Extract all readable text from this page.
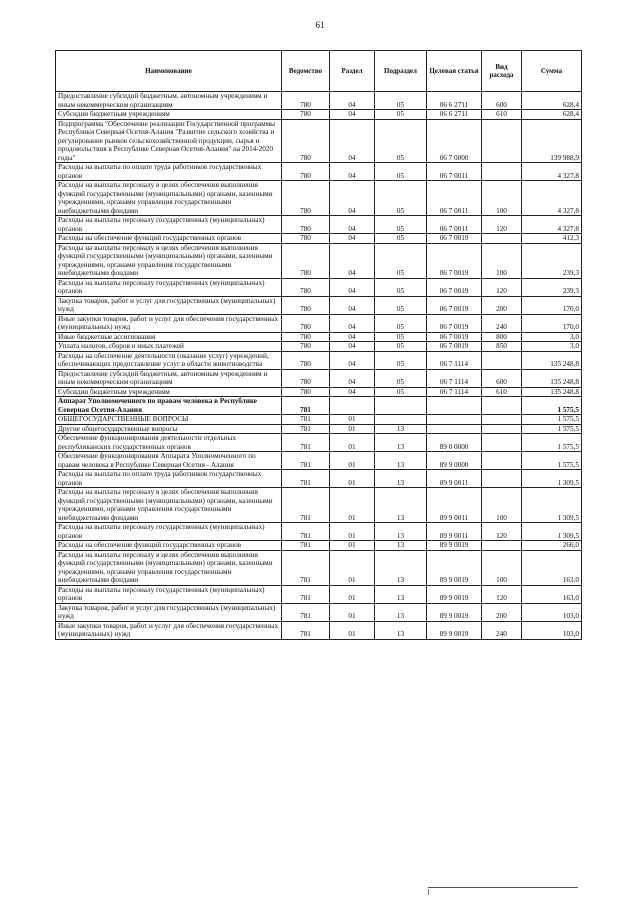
61
Наименование	Ведомство	Раздел	Подраздел	Целевая статья	Вид расхода	Сумма
Предоставление субсидий бюджетным, автономным учреждениям и иным некоммерческим организациям	780	04	05	06 6 2711	600	628,4
Субсидии бюджетным учреждениям	780	04	05	06 6 2711	610	628,4
Подпрограмма "Обеспечение реализации Государственной программы Республики Северная Осетия-Алания "Развитие сельского хозяйства и регулирование рынков сельскохозяйственной продукции, сырья и продовольствия в Республике Северная Осетия-Алания" на 2014-2020 годы"	780	04	05	06 7 0000		139 988,9
Расходы на выплаты по оплате труда работников государственных органов	780	04	05	06 7 0011		4 327,8
Расходы на выплаты персоналу в целях обеспечения выполнения функций государственными (муниципальными) органами, казенными учреждениями, органами управления государственными внебюджетными фондами	780	04	05	06 7 0011	100	4 327,8
Расходы на выплаты персоналу государственных (муниципальных) органов	780	04	05	06 7 0011	120	4 327,8
Расходы на обеспечение функций государственных органов	780	04	05	06 7 0019		412,3
Расходы на выплаты персоналу в целях обеспечения выполнения функций государственными (муниципальными) органами, казенными учреждениями, органами управления государственными внебюджетными фондами	780	04	05	06 7 0019	100	239,3
Расходы на выплаты персоналу государственных (муниципальных) органов	780	04	05	06 7 0019	120	239,3
Закупка товаров, работ и услуг для государственных (муниципальных) нужд	780	04	05	06 7 0019	200	170,0
Иные закупки товаров, работ и услуг для обеспечения государственных (муниципальных) нужд	780	04	05	06 7 0019	240	170,0
Иные бюджетные ассигнования	780	04	05	06 7 0019	800	3,0
Уплата налогов, сборов и иных платежей	780	04	05	06 7 0019	850	3,0
Расходы на обеспечение деятельности (оказание услуг) учреждений, обеспечивающих предоставление услуг в области животноводства	780	04	05	06 7 1114		135 248,8
Предоставление субсидий бюджетным, автономным учреждениям и иным некоммерческим организациям	780	04	05	06 7 1114	600	135 248,8
Субсидии бюджетным учреждениям	780	04	05	06 7 1114	610	135 248,8
Аппарат Уполномоченного по правам человека в Республике Северная Осетия-Алания	781					1 575,5
ОБЩЕГОСУДАРСТВЕННЫЕ ВОПРОСЫ	781	01				1 575,5
Другие общегосударственные вопросы	781	01	13			1 575,5
Обеспечение функционирования деятельности отдельных республиканских государственных органов	781	01	13	89 0 0000		1 575,5
Обеспечение функционирования Аппарата Уполномоченного по правам человека в Республике Северная Осетия - Алания	781	01	13	89 9 0000		1 575,5
Расходы на выплаты по оплате труда работников государственных органов	781	01	13	89 9 0011		1 309,5
Расходы на выплаты персоналу в целях обеспечения выполнения функций государственными (муниципальными) органами, казенными учреждениями, органами управления государственными внебюджетными фондами	781	01	13	89 9 0011	100	1 309,5
Расходы на выплаты персоналу государственных (муниципальных) органов	781	01	13	89 9 0011	120	1 309,5
Расходы на обеспечение функций государственных органов	781	01	13	89 9 0019		266,0
Расходы на выплаты персоналу в целях обеспечения выполнения функций государственными (муниципальными) органами, казенными учреждениями, органами управления государственными внебюджетными фондами	781	01	13	89 9 0019	100	163,0
Расходы на выплаты персоналу государственных (муниципальных) органов	781	01	13	89 9 0019	120	163,0
Закупка товаров, работ и услуг для государственных (муниципальных) нужд	781	01	13	89 9 0019	200	103,0
Иные закупки товаров, работ и услуг для обеспечения государственных (муниципальных) нужд	781	01	13	89 9 0019	240	103,0
